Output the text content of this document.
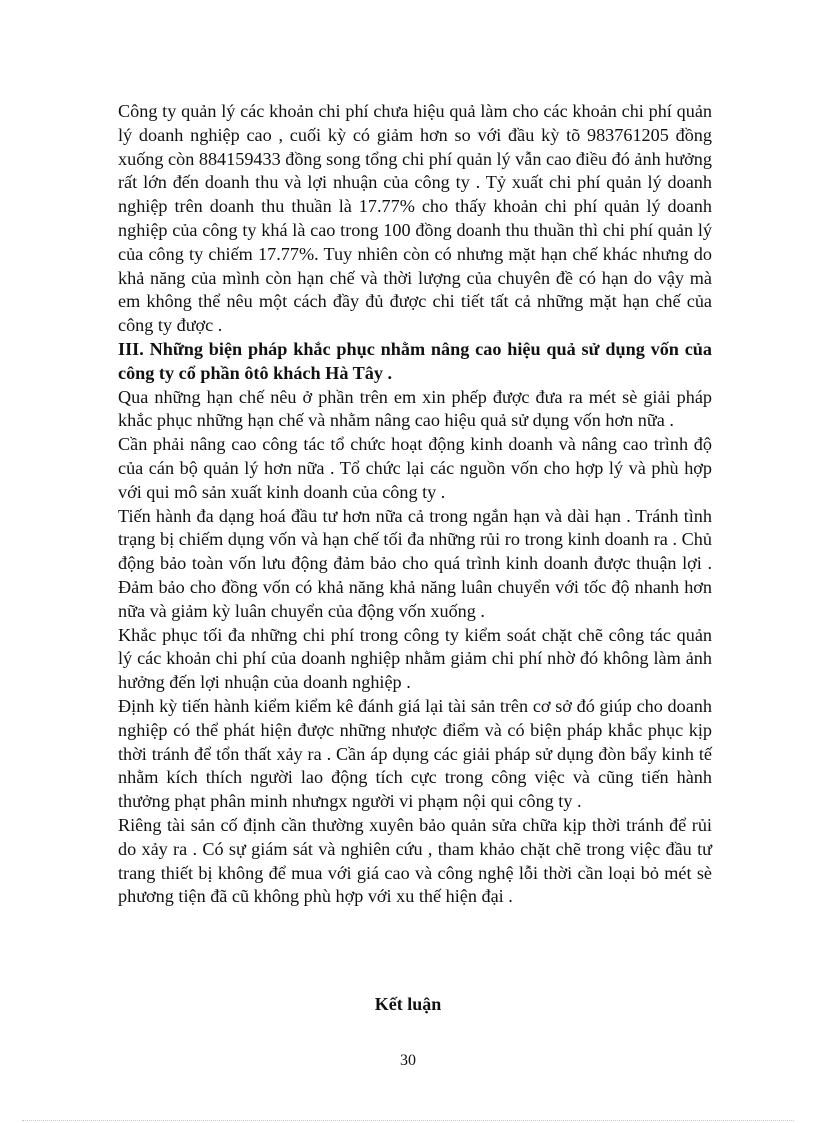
Công ty quản lý các khoản chi phí chưa hiệu quả làm cho các khoản chi phí quản lý doanh nghiệp cao , cuối kỳ có giảm hơn so với đầu kỳ tõ 983761205 đồng xuống còn 884159433 đồng song tổng chi phí quản lý vẫn cao điều đó ảnh hưởng rất lớn đến doanh thu và lợi nhuận của công ty . Tỷ xuất chi phí quản lý doanh nghiệp trên doanh thu thuần là 17.77% cho thấy khoản chi phí quản lý doanh nghiệp của công ty khá là cao trong 100 đồng doanh thu thuần thì chi phí quản lý của công ty chiếm 17.77%. Tuy nhiên còn có nhưng mặt hạn chế khác nhưng do khả năng của mình còn hạn chế và thời lượng của chuyên đề có hạn do vậy mà em không thể nêu một cách đầy đủ được chi tiết tất cả những mặt hạn chế của công ty được .

III. Những biện pháp khắc phục nhằm nâng cao hiệu quả sử dụng vốn của công ty cổ phần ôtô khách Hà Tây .

Qua những hạn chế nêu ở phần trên em xin phếp được đưa ra mét sè giải pháp khắc phục những hạn chế và nhằm nâng cao hiệu quả sử dụng vốn hơn nữa .

Cần phải nâng cao công tác tổ chức hoạt động kinh doanh và nâng cao trình độ của cán bộ quản lý hơn nữa . Tổ chức lại các nguồn vốn cho hợp lý và phù hợp với qui mô sản xuất kinh doanh của công ty .

Tiến hành đa dạng hoá đầu tư hơn nữa cả trong ngắn hạn và dài hạn . Tránh tình trạng bị chiếm dụng vốn và hạn chế tối đa những rủi ro trong kinh doanh ra . Chủ động bảo toàn vốn lưu động đảm bảo cho quá trình kinh doanh được thuận lợi . Đảm bảo cho đồng vốn có khả năng khả năng luân chuyển với tốc độ nhanh hơn nữa và giảm kỳ luân chuyển của động vốn xuống .

Khắc phục tối đa những chi phí trong công ty kiểm soát chặt chẽ công tác quản lý các khoản chi phí của doanh nghiệp nhằm giảm chi phí nhờ đó không làm ảnh hưởng đến lợi nhuận của doanh nghiệp .

Định kỳ tiến hành kiểm kiểm kê đánh giá lại tài sản trên cơ sở đó giúp cho doanh nghiệp có thể phát hiện được những nhược điểm và có biện pháp khắc phục kịp thời tránh để tổn thất xảy ra . Cần áp dụng các giải pháp sử dụng đòn bẩy kinh tế nhằm kích thích người lao động tích cực trong công việc và cũng tiến hành thưởng phạt phân minh nhưngx người vi phạm nội qui công ty .

Riêng tài sản cố định cần thường xuyên bảo quản sửa chữa kịp thời tránh để rủi do xảy ra . Có sự giám sát và nghiên cứu , tham khảo chặt chẽ trong việc đầu tư trang thiết bị không để mua với giá cao và công nghệ lỗi thời cần loại bỏ mét sè phương tiện đã cũ không phù hợp với xu thế hiện đại .

Kết luận
30
